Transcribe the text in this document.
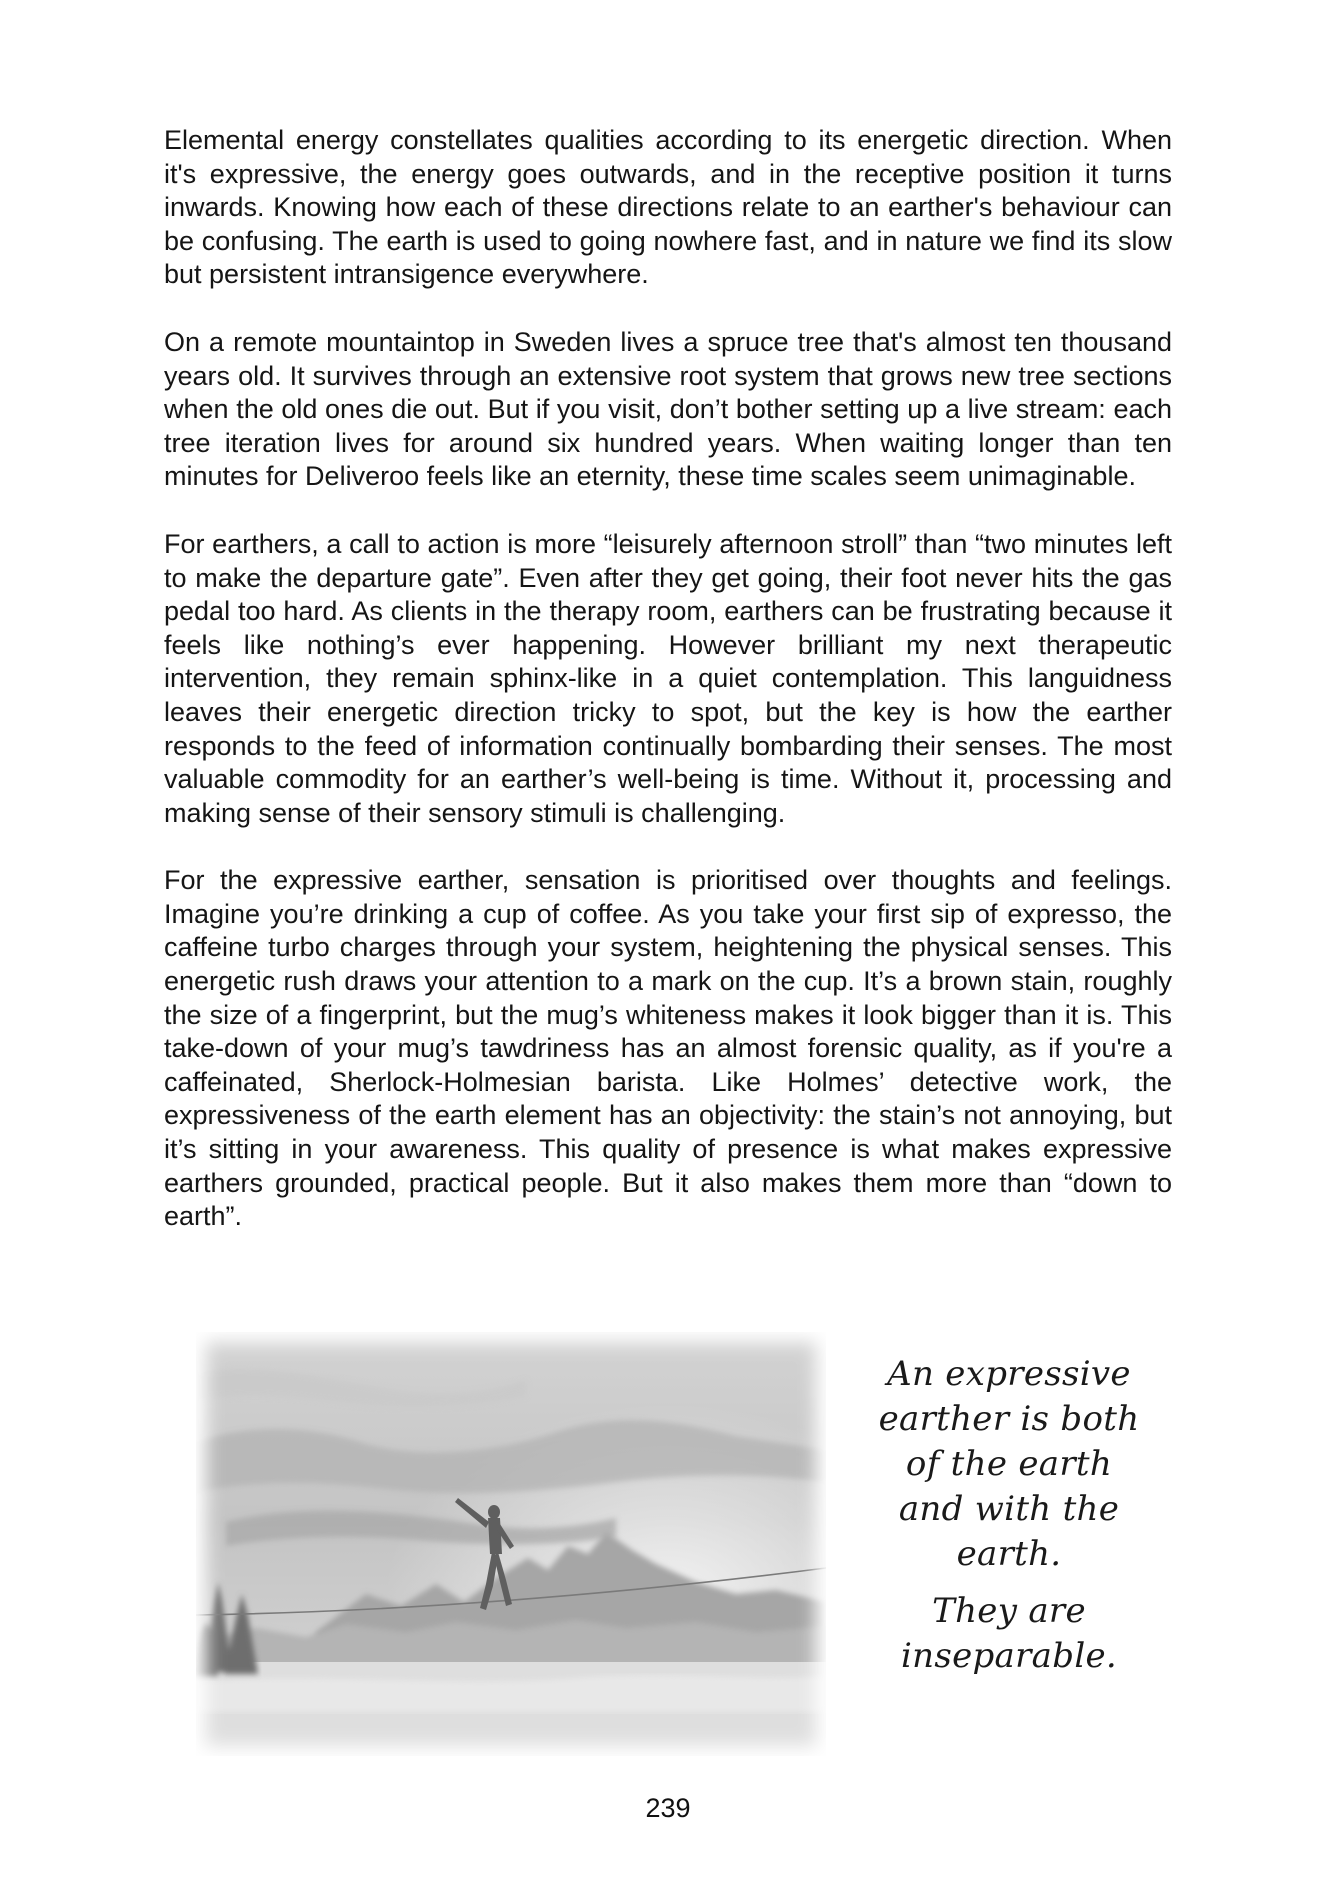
Elemental energy constellates qualities according to its energetic direction. When it's expressive, the energy goes outwards, and in the receptive position it turns inwards. Knowing how each of these directions relate to an earther's behaviour can be confusing. The earth is used to going nowhere fast, and in nature we find its slow but persistent intransigence everywhere.

On a remote mountaintop in Sweden lives a spruce tree that's almost ten thousand years old. It survives through an extensive root system that grows new tree sections when the old ones die out. But if you visit, don’t bother setting up a live stream: each tree iteration lives for around six hundred years. When waiting longer than ten minutes for Deliveroo feels like an eternity, these time scales seem unimaginable.

For earthers, a call to action is more “leisurely afternoon stroll” than “two minutes left to make the departure gate”. Even after they get going, their foot never hits the gas pedal too hard. As clients in the therapy room, earthers can be frustrating because it feels like nothing’s ever happening. However brilliant my next therapeutic intervention, they remain sphinx-like in a quiet contemplation. This languidness leaves their energetic direction tricky to spot, but the key is how the earther responds to the feed of information continually bombarding their senses. The most valuable commodity for an earther’s well-being is time. Without it, processing and making sense of their sensory stimuli is challenging.

For the expressive earther, sensation is prioritised over thoughts and feelings. Imagine you’re drinking a cup of coffee. As you take your first sip of expresso, the caffeine turbo charges through your system, heightening the physical senses. This energetic rush draws your attention to a mark on the cup. It’s a brown stain, roughly the size of a fingerprint, but the mug’s whiteness makes it look bigger than it is. This take-down of your mug’s tawdriness has an almost forensic quality, as if you're a caffeinated, Sherlock-Holmesian barista. Like Holmes’ detective work, the expressiveness of the earth element has an objectivity: the stain’s not annoying, but it’s sitting in your awareness. This quality of presence is what makes expressive earthers grounded, practical people. But it also makes them more than “down to earth”.

An expressive
earther is both
of the earth
and with the
earth.
They are
inseparable.
239
